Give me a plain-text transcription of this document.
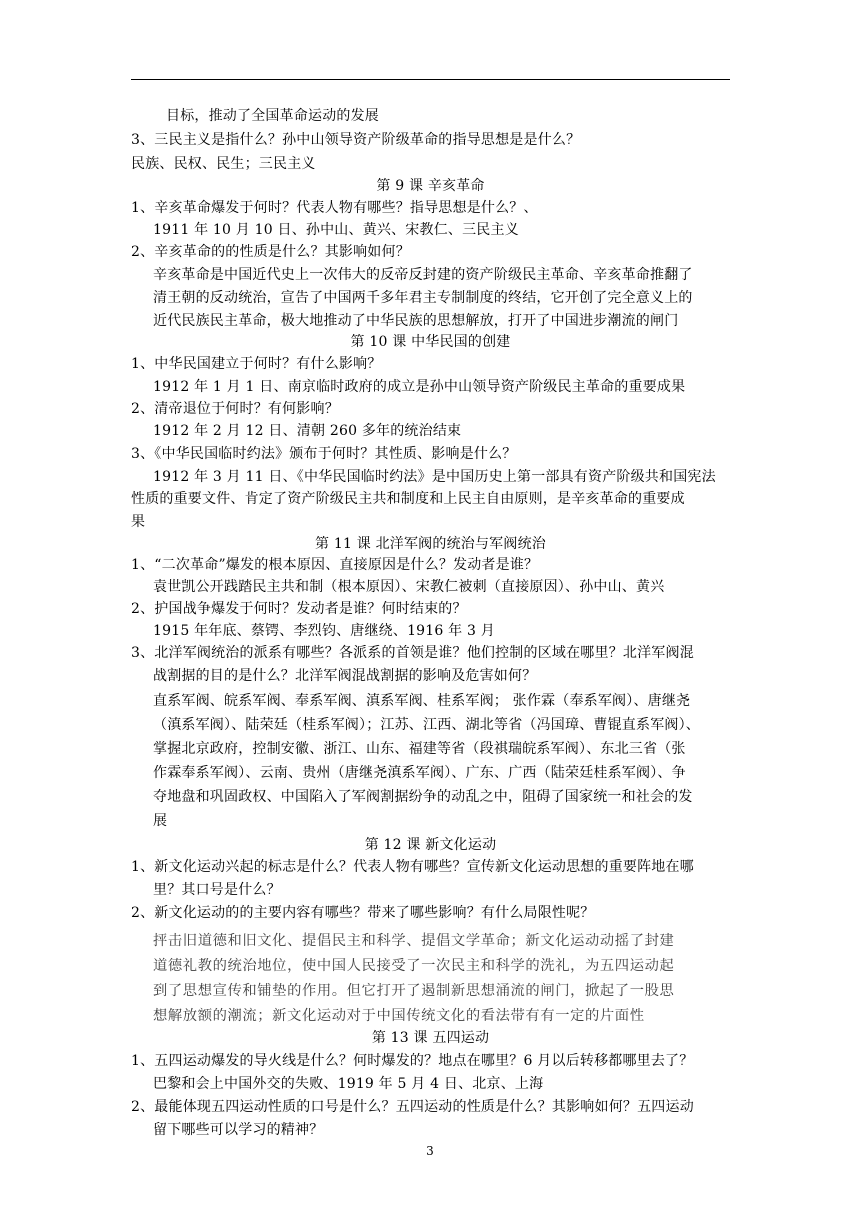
目标，推动了全国革命运动的发展
3、三民主义是指什么？孙中山领导资产阶级革命的指导思想是是什么？
民族、民权、民生；三民主义
第 9 课 辛亥革命
1、辛亥革命爆发于何时？代表人物有哪些？指导思想是什么？、
1911 年 10 月 10 日、孙中山、黄兴、宋教仁、三民主义
2、辛亥革命的的性质是什么？其影响如何？
辛亥革命是中国近代史上一次伟大的反帝反封建的资产阶级民主革命、辛亥革命推翻了
清王朝的反动统治，宣告了中国两千多年君主专制制度的终结，它开创了完全意义上的
近代民族民主革命，极大地推动了中华民族的思想解放，打开了中国进步潮流的闸门
第 10 课 中华民国的创建
1、中华民国建立于何时？有什么影响？
1912 年 1 月 1 日、南京临时政府的成立是孙中山领导资产阶级民主革命的重要成果
2、清帝退位于何时？有何影响？
1912 年 2 月 12 日、清朝 260 多年的统治结束
3、《中华民国临时约法》颁布于何时？其性质、影响是什么？
1912 年 3 月 11 日、《中华民国临时约法》是中国历史上第一部具有资产阶级共和国宪法
性质的重要文件、肯定了资产阶级民主共和制度和上民主自由原则，是辛亥革命的重要成
果
第 11 课 北洋军阀的统治与军阀统治
1、“二次革命”爆发的根本原因、直接原因是什么？发动者是谁？
袁世凯公开践踏民主共和制（根本原因）、宋教仁被刺（直接原因）、孙中山、黄兴
2、护国战争爆发于何时？发动者是谁？何时结束的？
1915 年年底、蔡锷、李烈钧、唐继绕、1916 年 3 月
3、北洋军阀统治的派系有哪些？各派系的首领是谁？他们控制的区域在哪里？北洋军阀混
战割据的目的是什么？北洋军阀混战割据的影响及危害如何？
直系军阀、皖系军阀、奉系军阀、滇系军阀、桂系军阀； 张作霖（奉系军阀）、唐继尧
（滇系军阀）、陆荣廷（桂系军阀）；江苏、江西、湖北等省（冯国璋、曹锟直系军阀）、
掌握北京政府，控制安徽、浙江、山东、福建等省（段祺瑞皖系军阀）、东北三省（张
作霖奉系军阀）、云南、贵州（唐继尧滇系军阀）、广东、广西（陆荣廷桂系军阀）、争
夺地盘和巩固政权、中国陷入了军阀割据纷争的动乱之中，阻碍了国家统一和社会的发
展
第 12 课 新文化运动
1、新文化运动兴起的标志是什么？代表人物有哪些？宣传新文化运动思想的重要阵地在哪
里？其口号是什么？
2、新文化运动的的主要内容有哪些？带来了哪些影响？有什么局限性呢？
抨击旧道德和旧文化、提倡民主和科学、提倡文学革命；新文化运动动摇了封建
道德礼教的统治地位，使中国人民接受了一次民主和科学的洗礼，为五四运动起
到了思想宣传和铺垫的作用。但它打开了遏制新思想涌流的闸门，掀起了一股思
想解放额的潮流；新文化运动对于中国传统文化的看法带有有一定的片面性
第 13 课 五四运动
1、五四运动爆发的导火线是什么？何时爆发的？地点在哪里？6 月以后转移都哪里去了？
巴黎和会上中国外交的失败、1919 年 5 月 4 日、北京、上海
2、最能体现五四运动性质的口号是什么？五四运动的性质是什么？其影响如何？五四运动
留下哪些可以学习的精神？
3
